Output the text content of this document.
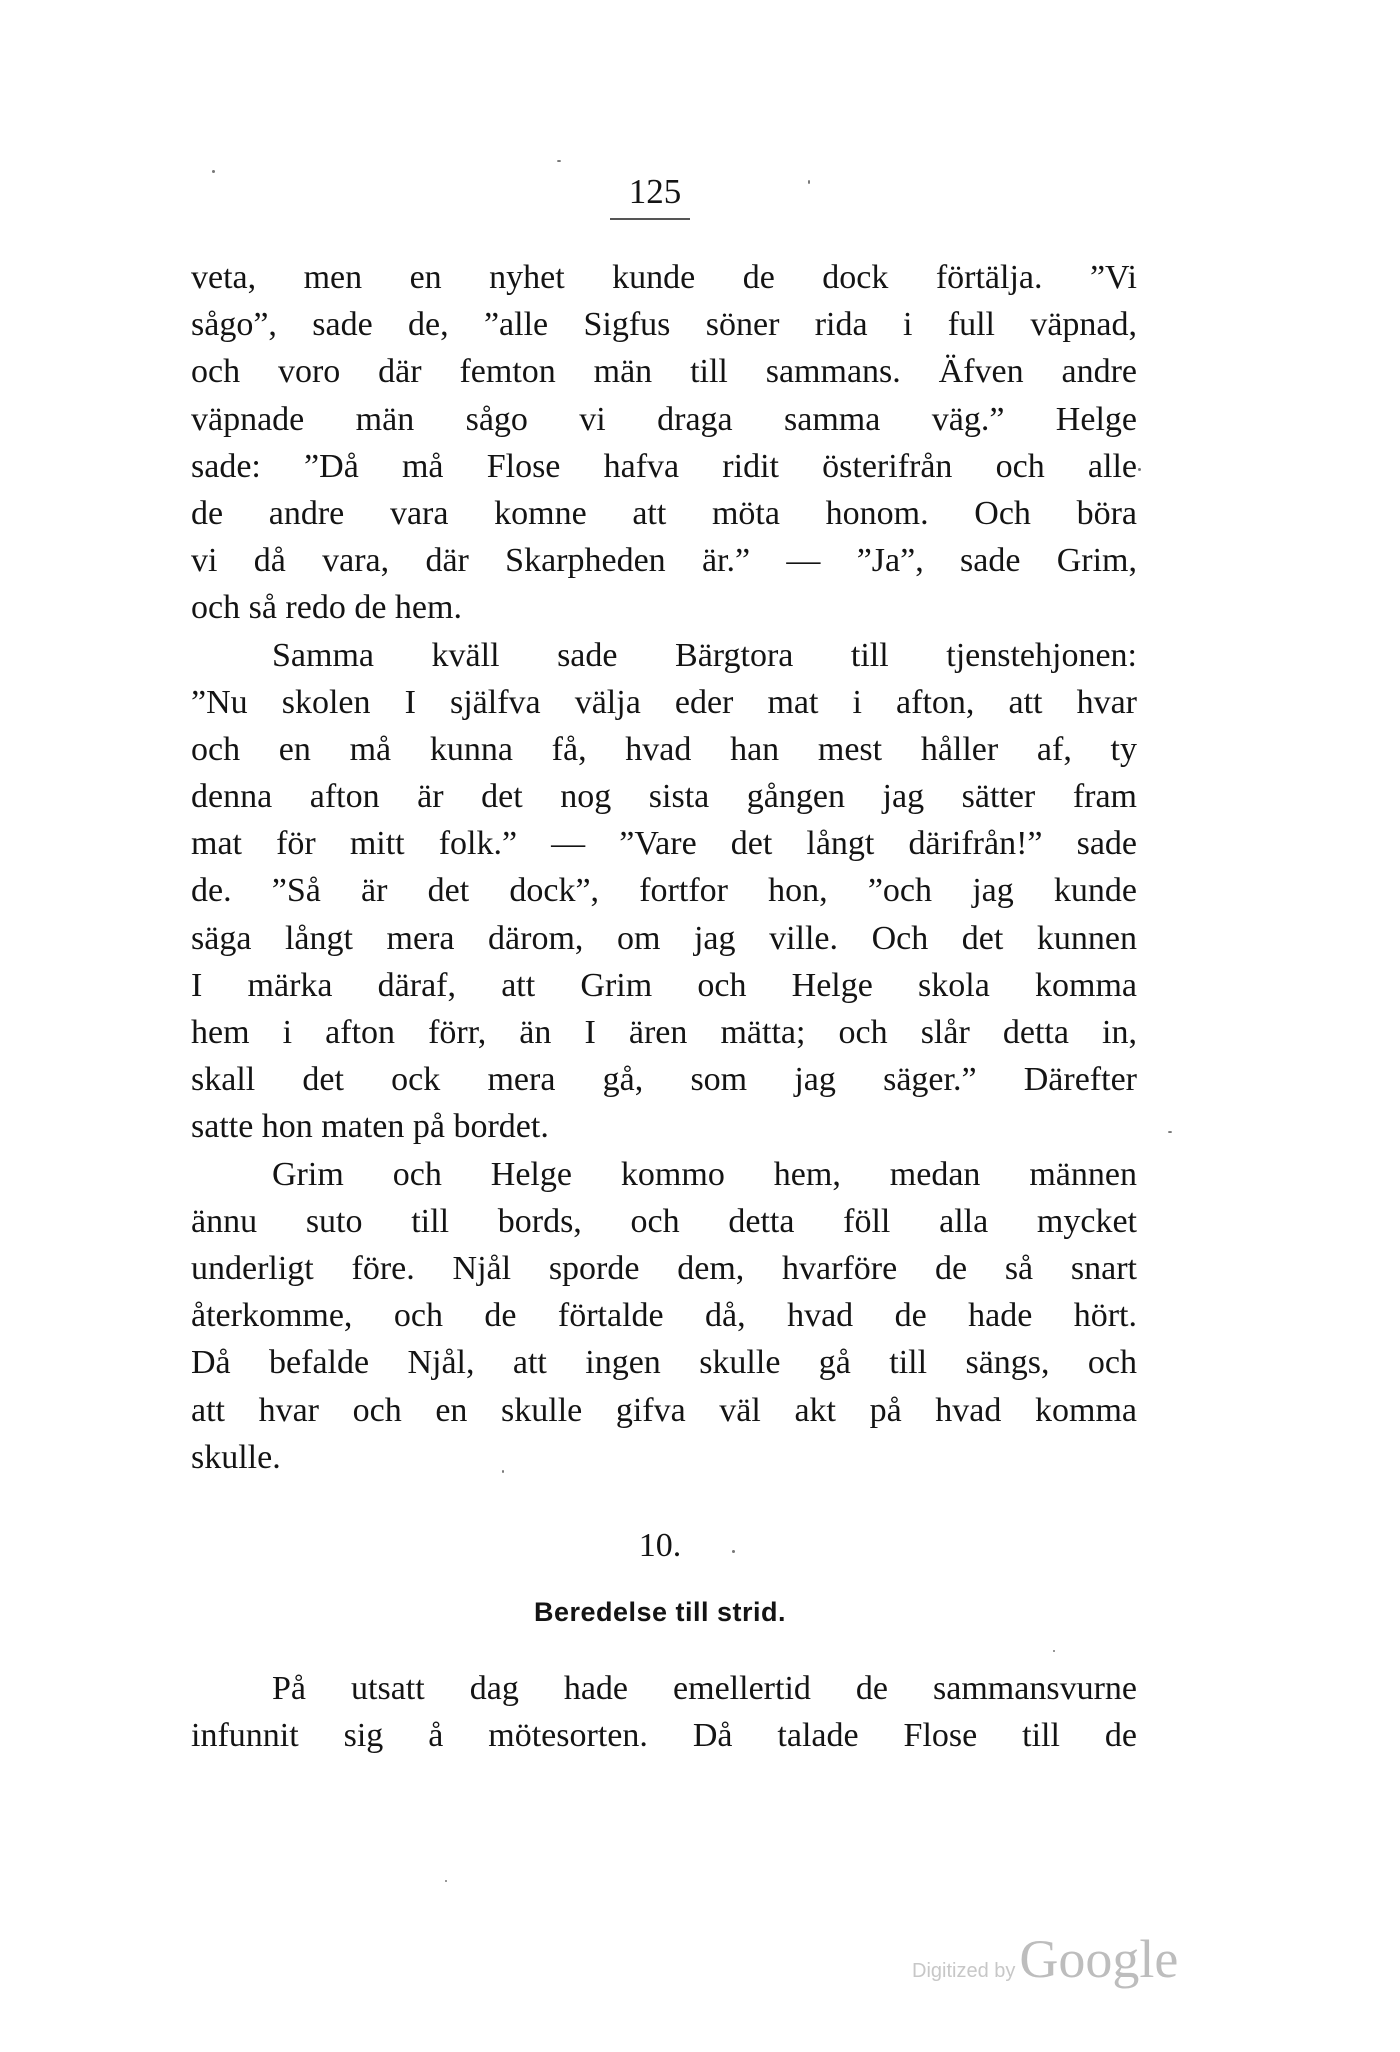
125
veta, men en nyhet kunde de dock förtälja. ”Vi
sågo”, sade de, ”alle Sigfus söner rida i full väpnad,
och voro där femton män till sammans. Äfven andre
väpnade män sågo vi draga samma väg.” Helge
sade: ”Då må Flose hafva ridit österifrån och alle
de andre vara komne att möta honom. Och böra
vi då vara, där Skarpheden är.” — ”Ja”, sade Grim,
och så redo de hem.
Samma kväll sade Bärgtora till tjenstehjonen:
”Nu skolen I själfva välja eder mat i afton, att hvar
och en må kunna få, hvad han mest håller af, ty
denna afton är det nog sista gången jag sätter fram
mat för mitt folk.” — ”Vare det långt därifrån!” sade
de. ”Så är det dock”, fortfor hon, ”och jag kunde
säga långt mera därom, om jag ville. Och det kunnen
I märka däraf, att Grim och Helge skola komma
hem i afton förr, än I ären mätta; och slår detta in,
skall det ock mera gå, som jag säger.” Därefter
satte hon maten på bordet.
Grim och Helge kommo hem, medan männen
ännu suto till bords, och detta föll alla mycket
underligt före. Njål sporde dem, hvarföre de så snart
återkomme, och de förtalde då, hvad de hade hört.
Då befalde Njål, att ingen skulle gå till sängs, och
att hvar och en skulle gifva väl akt på hvad komma
skulle.
10.
Beredelse till strid.
På utsatt dag hade emellertid de sammansvurne
infunnit sig å mötesorten. Då talade Flose till de
Digitized by Google
